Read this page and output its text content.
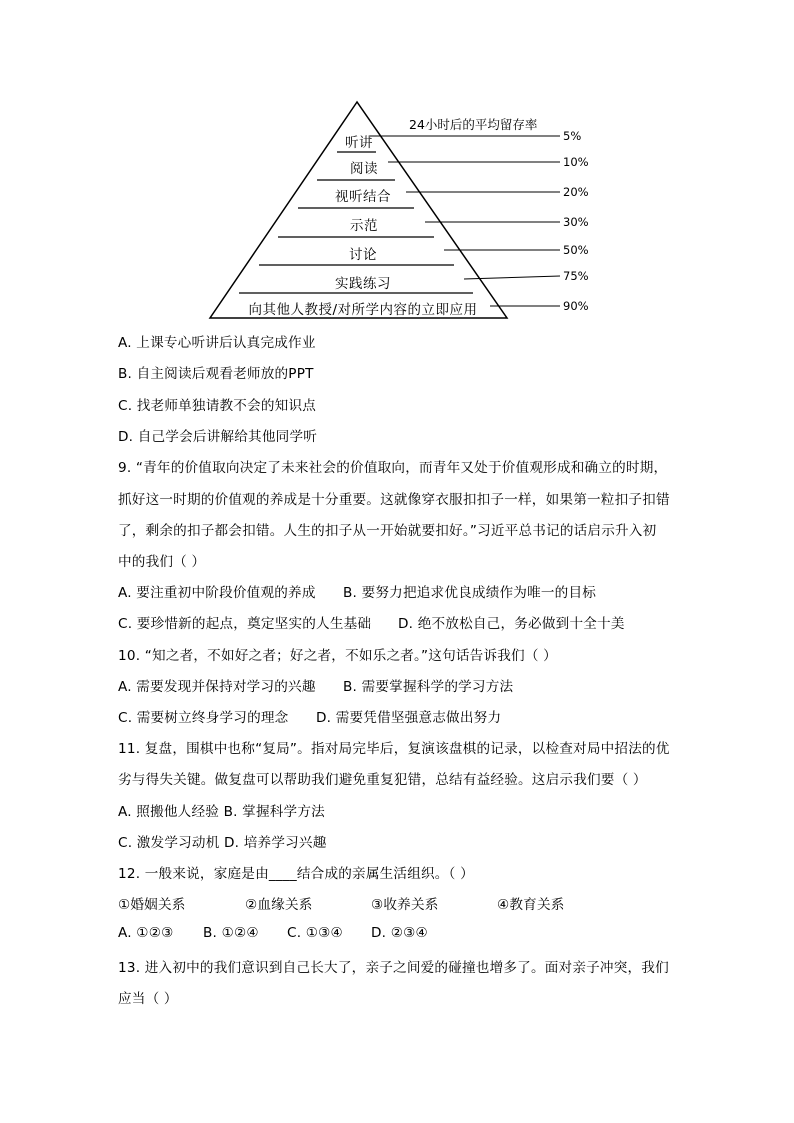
24小时后的平均留存率
听讲
阅读
视听结合
示范
讨论
实践练习
向其他人教授/对所学内容的立即应用
5%
10%
20%
30%
50%
75%
90%
A. 上课专心听讲后认真完成作业
B. 自主阅读后观看老师放的PPT
C. 找老师单独请教不会的知识点
D. 自己学会后讲解给其他同学听
9. “青年的价值取向决定了未来社会的价值取向，而青年又处于价值观形成和确立的时期，
抓好这一时期的价值观的养成是十分重要。这就像穿衣服扣扣子一样，如果第一粒扣子扣错
了，剩余的扣子都会扣错。人生的扣子从一开始就要扣好。”习近平总书记的话启示升入初
中的我们（ ）
A. 要注重初中阶段价值观的养成 B. 要努力把追求优良成绩作为唯一的目标
C. 要珍惜新的起点，奠定坚实的人生基础 D. 绝不放松自己，务必做到十全十美
10. “知之者，不如好之者；好之者，不如乐之者。”这句话告诉我们（ ）
A. 需要发现并保持对学习的兴趣 B. 需要掌握科学的学习方法
C. 需要树立终身学习的理念 D. 需要凭借坚强意志做出努力
11. 复盘，围棋中也称“复局”。指对局完毕后，复演该盘棋的记录，以检查对局中招法的优
劣与得失关键。做复盘可以帮助我们避免重复犯错，总结有益经验。这启示我们要（ ）
A. 照搬他人经验 B. 掌握科学方法
C. 激发学习动机 D. 培养学习兴趣
12. 一般来说，家庭是由____结合成的亲属生活组织。（ ）
①婚姻关系	②血缘关系	③收养关系	④教育关系
A. ①②③ B. ①②④ C. ①③④ D. ②③④
13. 进入初中的我们意识到自己长大了，亲子之间爱的碰撞也增多了。面对亲子冲突，我们
应当（ ）
